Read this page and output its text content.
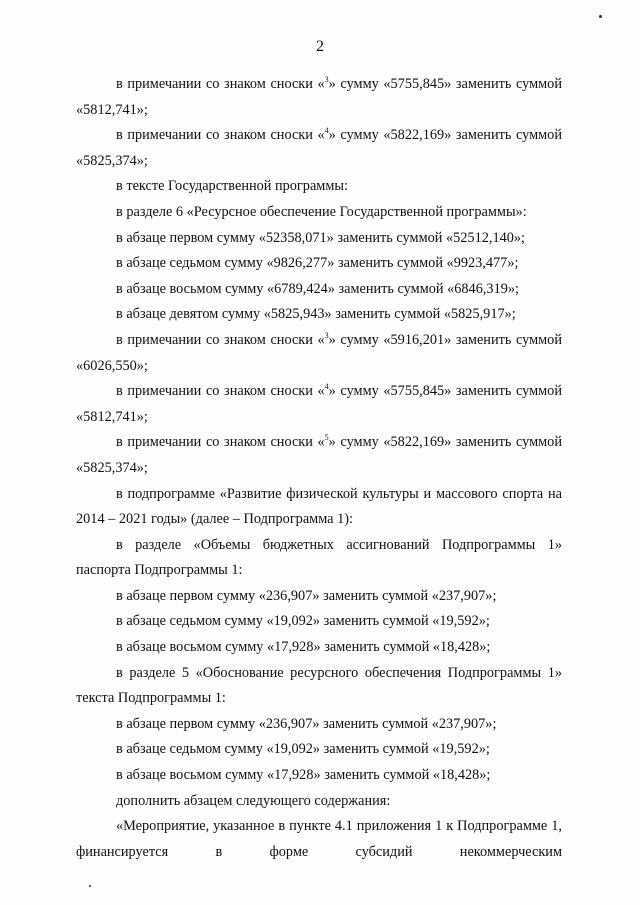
2

в примечании со знаком сноски «$^3$» сумму «5755,845» заменить суммой «5812,741»;

в примечании со знаком сноски «$^4$» сумму «5822,169» заменить суммой «5825,374»;

в тексте Государственной программы:

в разделе 6 «Ресурсное обеспечение Государственной программы»:

в абзаце первом сумму «52358,071» заменить суммой «52512,140»;

в абзаце седьмом сумму «9826,277» заменить суммой «9923,477»;

в абзаце восьмом сумму «6789,424» заменить суммой «6846,319»;

в абзаце девятом сумму «5825,943» заменить суммой «5825,917»;

в примечании со знаком сноски «$^3$» сумму «5916,201» заменить суммой «6026,550»;

в примечании со знаком сноски «$^4$» сумму «5755,845» заменить суммой «5812,741»;

в примечании со знаком сноски «$^5$» сумму «5822,169» заменить суммой «5825,374»;

в подпрограмме «Развитие физической культуры и массового спорта на 2014 – 2021 годы» (далее – Подпрограмма 1):

в разделе «Объемы бюджетных ассигнований Подпрограммы 1» паспорта Подпрограммы 1:

в абзаце первом сумму «236,907» заменить суммой «237,907»;

в абзаце седьмом сумму «19,092» заменить суммой «19,592»;

в абзаце восьмом сумму «17,928» заменить суммой «18,428»;

в разделе 5 «Обоснование ресурсного обеспечения Подпрограммы 1» текста Подпрограммы 1:

в абзаце первом сумму «236,907» заменить суммой «237,907»;

в абзаце седьмом сумму «19,092» заменить суммой «19,592»;

в абзаце восьмом сумму «17,928» заменить суммой «18,428»;

дополнить абзацем следующего содержания:

«Мероприятие, указанное в пункте 4.1 приложения 1 к Подпрограмме 1, финансируется в форме субсидий некоммерческим
